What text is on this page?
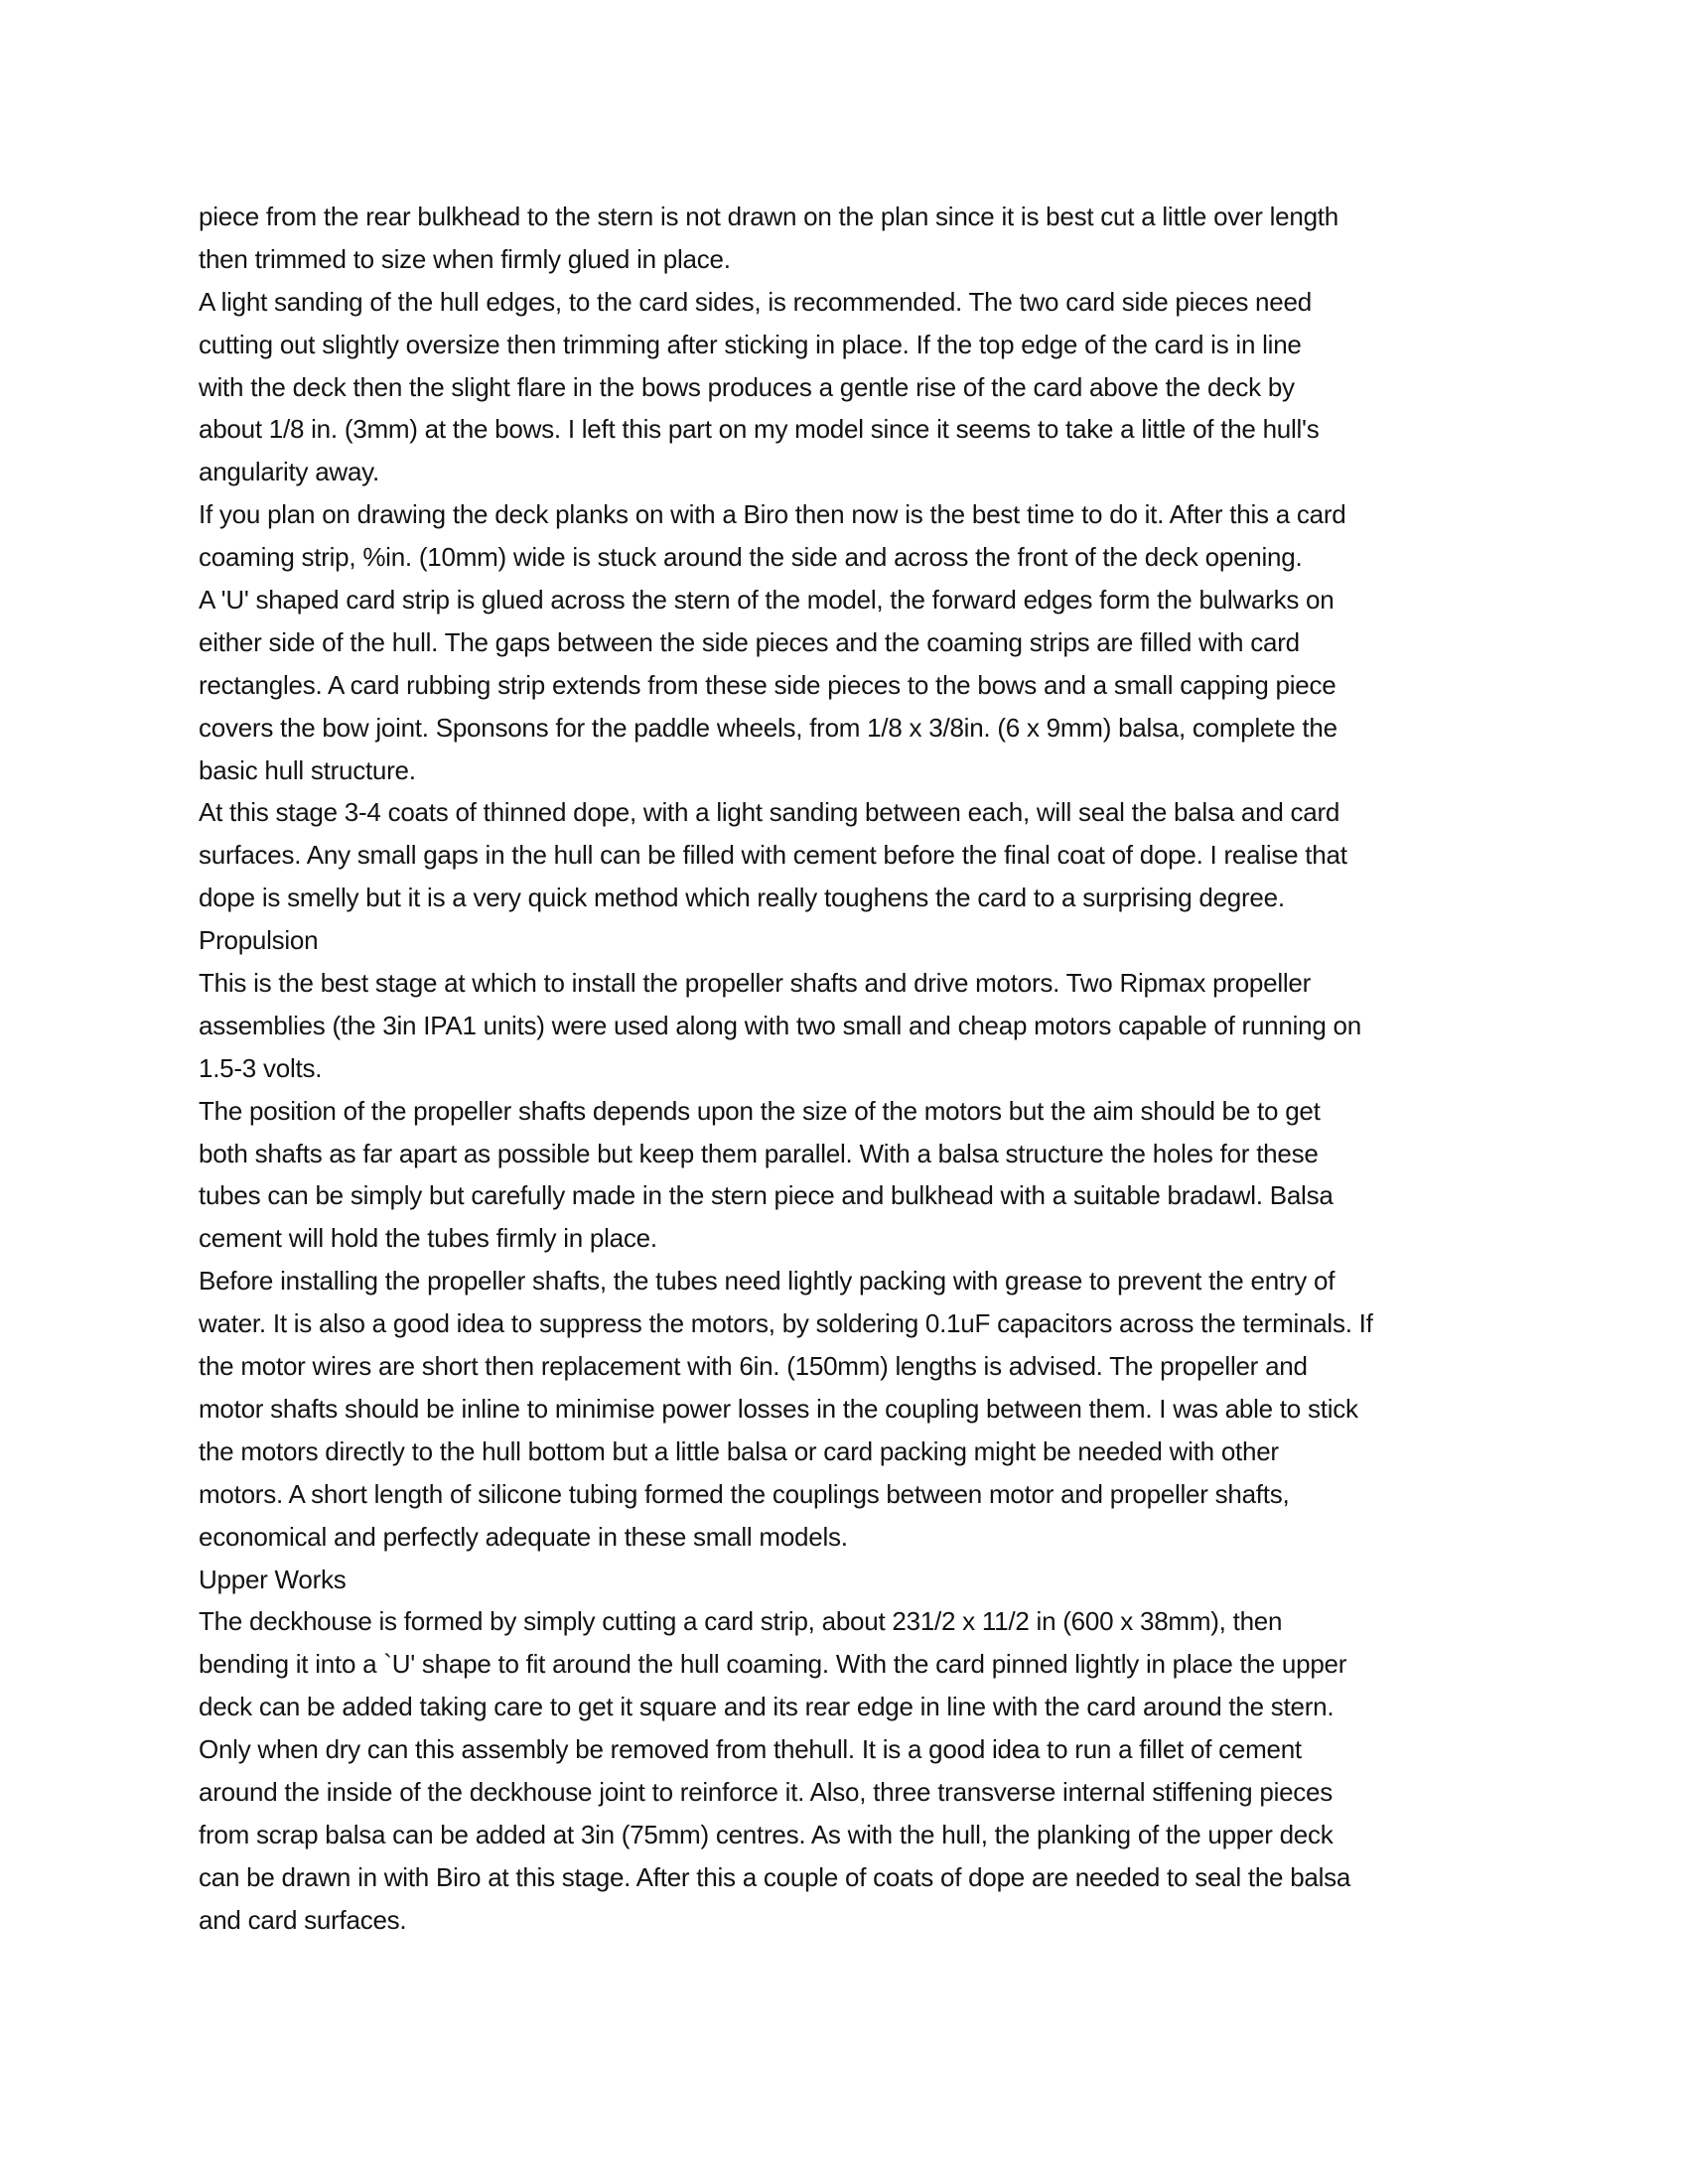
piece from the rear bulkhead to the stern is not drawn on the plan since it is best cut a little over length
then trimmed to size when firmly glued in place.
A light sanding of the hull edges, to the card sides, is recommended. The two card side pieces need
cutting out slightly oversize then trimming after sticking in place. If the top edge of the card is in line
with the deck then the slight flare in the bows produces a gentle rise of the card above the deck by
about 1/8 in. (3mm) at the bows. I left this part on my model since it seems to take a little of the hull's
angularity away.
If you plan on drawing the deck planks on with a Biro then now is the best time to do it. After this a card
coaming strip, %in. (10mm) wide is stuck around the side and across the front of the deck opening.
A 'U' shaped card strip is glued across the stern of the model, the forward edges form the bulwarks on
either side of the hull. The gaps between the side pieces and the coaming strips are filled with card
rectangles. A card rubbing strip extends from these side pieces to the bows and a small capping piece
covers the bow joint. Sponsons for the paddle wheels, from 1/8 x 3/8in. (6 x 9mm) balsa, complete the
basic hull structure.
At this stage 3-4 coats of thinned dope, with a light sanding between each, will seal the balsa and card
surfaces. Any small gaps in the hull can be filled with cement before the final coat of dope. I realise that
dope is smelly but it is a very quick method which really toughens the card to a surprising degree.
Propulsion
This is the best stage at which to install the propeller shafts and drive motors. Two Ripmax propeller
assemblies (the 3in IPA1 units) were used along with two small and cheap motors capable of running on
1.5-3 volts.
The position of the propeller shafts depends upon the size of the motors but the aim should be to get
both shafts as far apart as possible but keep them parallel. With a balsa structure the holes for these
tubes can be simply but carefully made in the stern piece and bulkhead with a suitable bradawl. Balsa
cement will hold the tubes firmly in place.
Before installing the propeller shafts, the tubes need lightly packing with grease to prevent the entry of
water. It is also a good idea to suppress the motors, by soldering 0.1uF capacitors across the terminals. If
the motor wires are short then replacement with 6in. (150mm) lengths is advised. The propeller and
motor shafts should be inline to minimise power losses in the coupling between them. I was able to stick
the motors directly to the hull bottom but a little balsa or card packing might be needed with other
motors. A short length of silicone tubing formed the couplings between motor and propeller shafts,
economical and perfectly adequate in these small models.
Upper Works
The deckhouse is formed by simply cutting a card strip, about 231/2 x 11/2 in (600 x 38mm), then
bending it into a `U' shape to fit around the hull coaming. With the card pinned lightly in place the upper
deck can be added taking care to get it square and its rear edge in line with the card around the stern.
Only when dry can this assembly be removed from thehull. It is a good idea to run a fillet of cement
around the inside of the deckhouse joint to reinforce it. Also, three transverse internal stiffening pieces
from scrap balsa can be added at 3in (75mm) centres. As with the hull, the planking of the upper deck
can be drawn in with Biro at this stage. After this a couple of coats of dope are needed to seal the balsa
and card surfaces.
